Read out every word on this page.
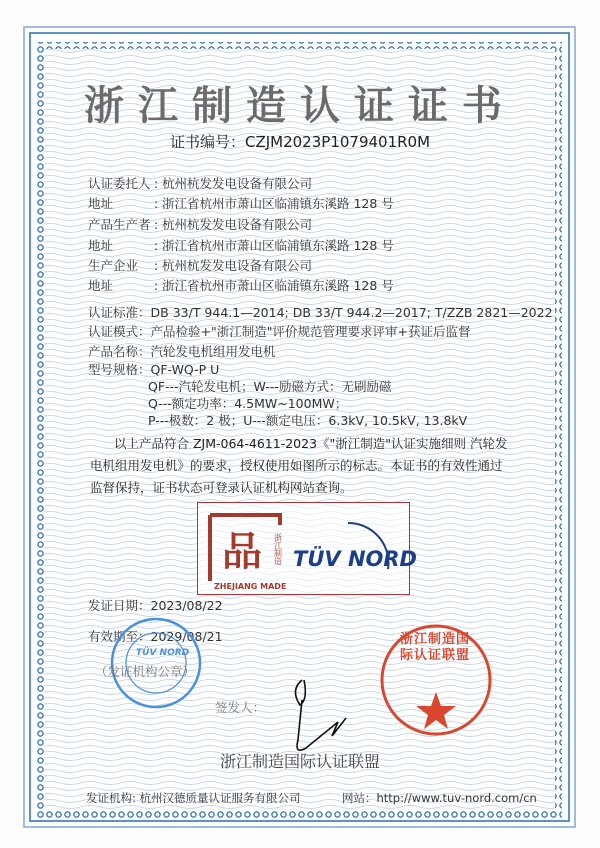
浙江制造认证证书
证书编号：CZJM2023P1079401R0M
认证委托人 : 杭州杭发发电设备有限公司
地址	: 浙江省杭州市萧山区临浦镇东溪路 128 号
产品生产者 : 杭州杭发发电设备有限公司
地址	: 浙江省杭州市萧山区临浦镇东溪路 128 号
生产企业 : 杭州杭发发电设备有限公司
地址	: 浙江省杭州市萧山区临浦镇东溪路 128 号
认证标准：DB 33/T 944.1—2014; DB 33/T 944.2—2017; T/ZZB 2821—2022
认证模式：产品检验+"浙江制造"评价规范管理要求评审+获证后监督
产品名称：汽轮发电机组用发电机
型号规格：QF-WQ-P U
QF---汽轮发电机；W---励磁方式：无刷励磁
Q---额定功率：4.5MW~100MW；
P---极数：2 极；U---额定电压：6.3kV, 10.5kV, 13.8kV
以上产品符合 ZJM-064-4611-2023《"浙江制造"认证实施细则 汽轮发电机组用发电机》的要求，授权使用如图所示的标志。本证书的有效性通过监督保持，证书状态可登录认证机构网站查询。
品 浙江制造
ZHEJIANG MADE
TÜV NORD
发证日期：2023/08/22
有效期至：2029/08/21
TÜV NORD
（发证机构公章）
签发人：
浙江制造国际认证联盟
浙江制造国际认证联盟
发证机构: 杭州汉德质量认证服务有限公司	网站：http://www.tuv-nord.com/cn
